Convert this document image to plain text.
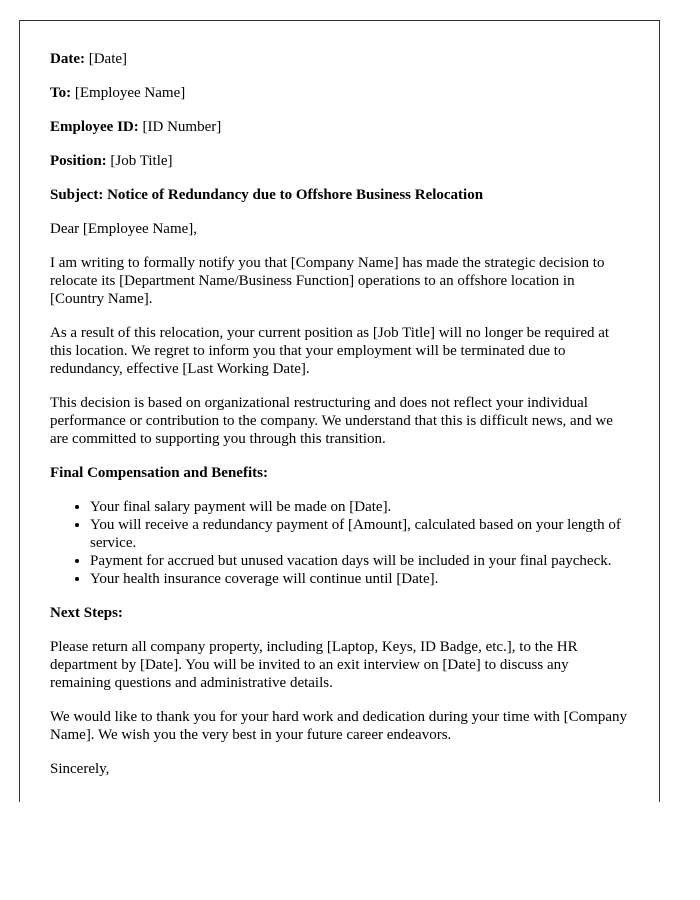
Date: [Date]

To: [Employee Name]

Employee ID: [ID Number]

Position: [Job Title]

Subject: Notice of Redundancy due to Offshore Business Relocation

Dear [Employee Name],

I am writing to formally notify you that [Company Name] has made the strategic decision to relocate its [Department Name/Business Function] operations to an offshore location in [Country Name].

As a result of this relocation, your current position as [Job Title] will no longer be required at this location. We regret to inform you that your employment will be terminated due to redundancy, effective [Last Working Date].

This decision is based on organizational restructuring and does not reflect your individual performance or contribution to the company. We understand that this is difficult news, and we are committed to supporting you through this transition.

Final Compensation and Benefits:

• Your final salary payment will be made on [Date].
• You will receive a redundancy payment of [Amount], calculated based on your length of service.
• Payment for accrued but unused vacation days will be included in your final paycheck.
• Your health insurance coverage will continue until [Date].

Next Steps:

Please return all company property, including [Laptop, Keys, ID Badge, etc.], to the HR department by [Date]. You will be invited to an exit interview on [Date] to discuss any remaining questions and administrative details.

We would like to thank you for your hard work and dedication during your time with [Company Name]. We wish you the very best in your future career endeavors.

Sincerely,
